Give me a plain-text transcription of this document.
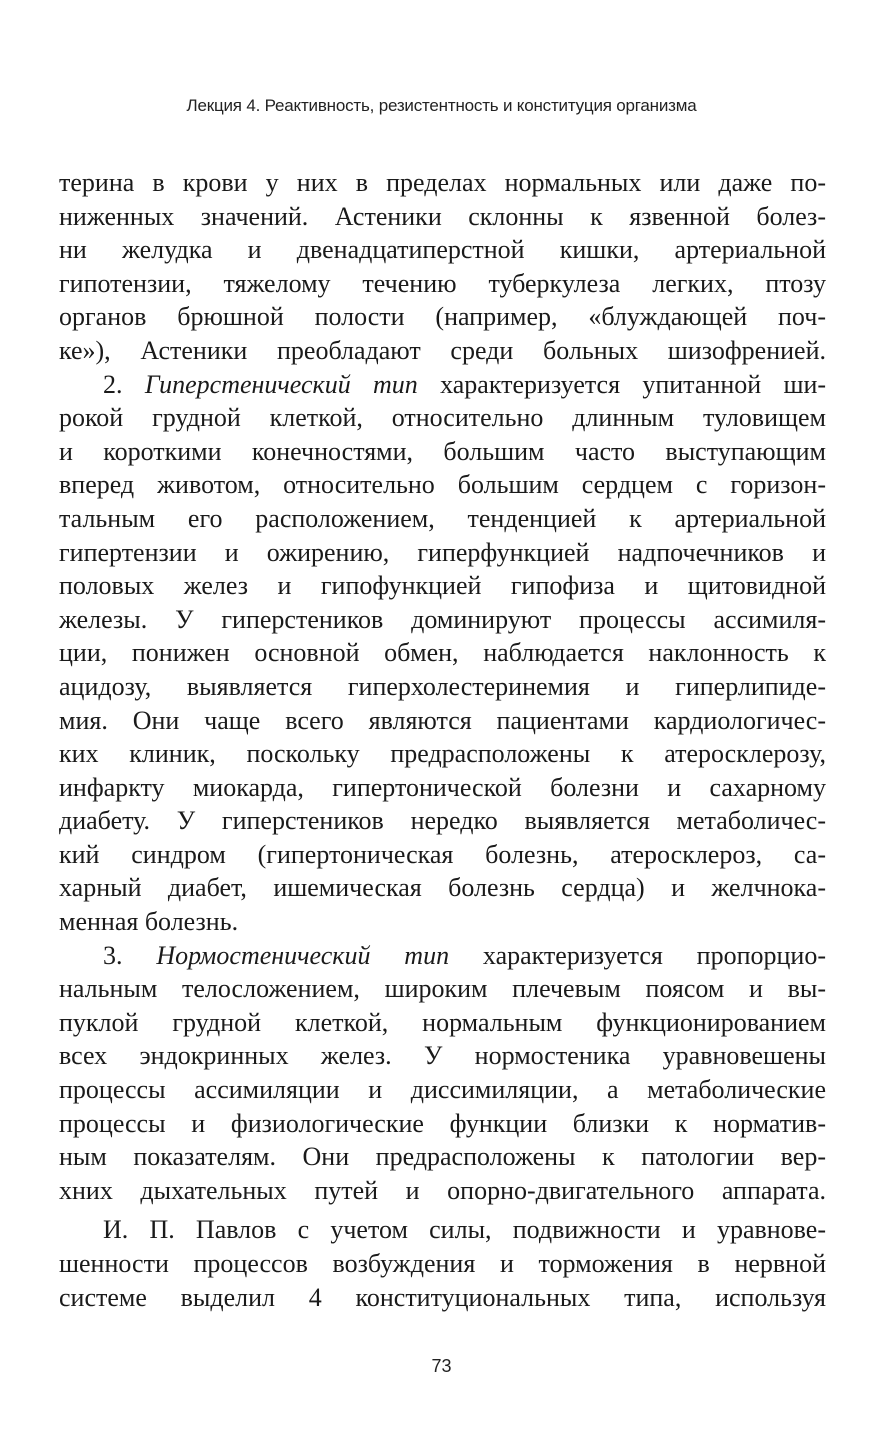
Лекция 4. Реактивность, резистентность и конституция организма
терина в крови у них в пределах нормальных или даже по-
ниженных значений. Астеники склонны к язвенной болез-
ни желудка и двенадцатиперстной кишки, артериальной
гипотензии, тяжелому течению туберкулеза легких, птозу
органов брюшной полости (например, «блуждающей поч-
ке»), Астеники преобладают среди больных шизофренией.
2. Гиперстенический тип характеризуется упитанной ши-
рокой грудной клеткой, относительно длинным туловищем
и короткими конечностями, большим часто выступающим
вперед животом, относительно большим сердцем с горизон-
тальным его расположением, тенденцией к артериальной
гипертензии и ожирению, гиперфункцией надпочечников и
половых желез и гипофункцией гипофиза и щитовидной
железы. У гиперстеников доминируют процессы ассимиля-
ции, понижен основной обмен, наблюдается наклонность к
ацидозу, выявляется гиперхолестеринемия и гиперлипиде-
мия. Они чаще всего являются пациентами кардиологичес-
ких клиник, поскольку предрасположены к атеросклерозу,
инфаркту миокарда, гипертонической болезни и сахарному
диабету. У гиперстеников нередко выявляется метаболичес-
кий синдром (гипертоническая болезнь, атеросклероз, са-
харный диабет, ишемическая болезнь сердца) и желчнока-
менная болезнь.
3. Нормостенический тип характеризуется пропорцио-
нальным телосложением, широким плечевым поясом и вы-
пуклой грудной клеткой, нормальным функционированием
всех эндокринных желез. У нормостеника уравновешены
процессы ассимиляции и диссимиляции, а метаболические
процессы и физиологические функции близки к норматив-
ным показателям. Они предрасположены к патологии вер-
хних дыхательных путей и опорно-двигательного аппарата.
И. П. Павлов с учетом силы, подвижности и уравнове-
шенности процессов возбуждения и торможения в нервной
системе выделил 4 конституциональных типа, используя
73
